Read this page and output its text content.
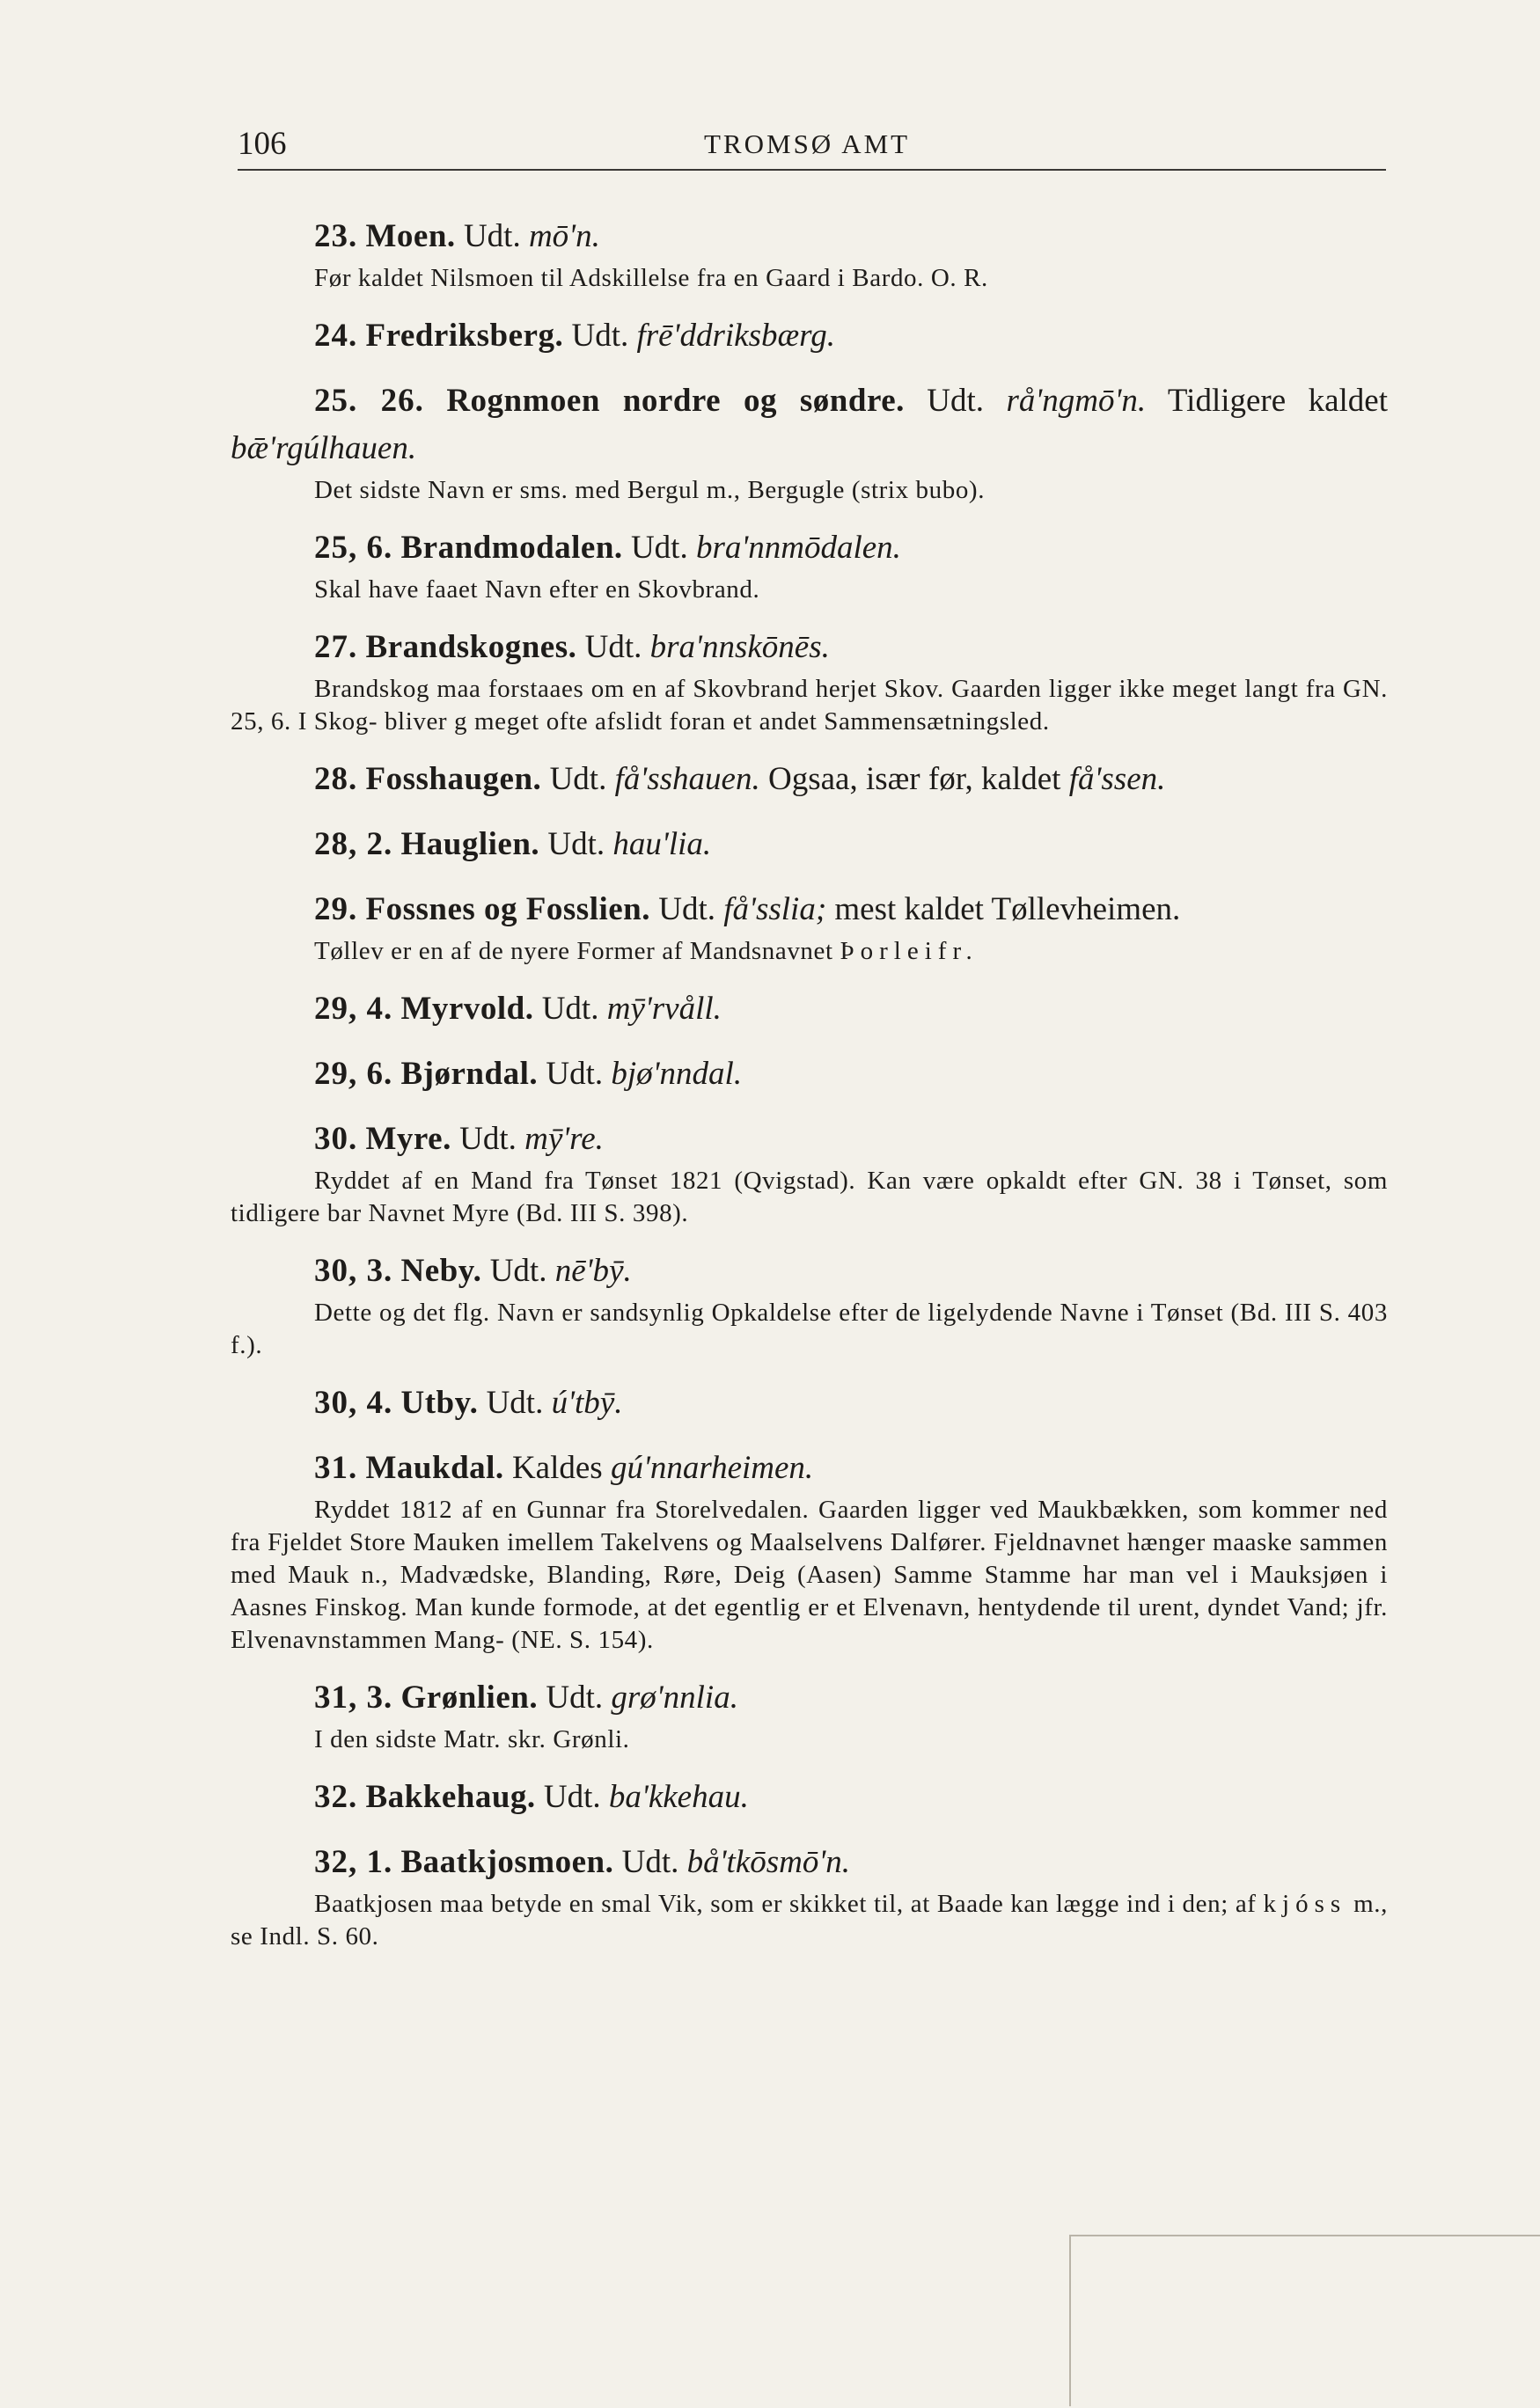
106	TROMSØ AMT
23. Moen. Udt. mō'n.
Før kaldet Nilsmoen til Adskillelse fra en Gaard i Bardo. O. R.
24. Fredriksberg. Udt. frē'ddriksbærg.
25. 26. Rognmoen nordre og søndre. Udt. rå'ngmō'n. Tidligere kaldet bǣ'rgúlhauen.
Det sidste Navn er sms. med Bergul m., Bergugle (strix bubo).
25, 6. Brandmodalen. Udt. bra'nnmōdalen.
Skal have faaet Navn efter en Skovbrand.
27. Brandskognes. Udt. bra'nnskōnēs.
Brandskog maa forstaaes om en af Skovbrand herjet Skov. Gaarden ligger ikke meget langt fra GN. 25, 6. I Skog- bliver g meget ofte afslidt foran et andet Sammensætningsled.
28. Fosshaugen. Udt. få'sshauen. Ogsaa, især før, kaldet få'ssen.
28, 2. Hauglien. Udt. hau'lia.
29. Fossnes og Fosslien. Udt. få'sslia; mest kaldet Tøllevheimen.
Tøllev er en af de nyere Former af Mandsnavnet Þorleifr.
29, 4. Myrvold. Udt. mȳ'rvåll.
29, 6. Bjørndal. Udt. bjø'nndal.
30. Myre. Udt. mȳ're.
Ryddet af en Mand fra Tønset 1821 (Qvigstad). Kan være opkaldt efter GN. 38 i Tønset, som tidligere bar Navnet Myre (Bd. III S. 398).
30, 3. Neby. Udt. nē'bȳ.
Dette og det flg. Navn er sandsynlig Opkaldelse efter de ligelydende Navne i Tønset (Bd. III S. 403 f.).
30, 4. Utby. Udt. ú'tbȳ.
31. Maukdal. Kaldes gú'nnarheimen.
Ryddet 1812 af en Gunnar fra Storelvedalen. Gaarden ligger ved Maukbækken, som kommer ned fra Fjeldet Store Mauken imellem Takelvens og Maalselvens Dalfører. Fjeldnavnet hænger maaske sammen med Mauk n., Madvædske, Blanding, Røre, Deig (Aasen) Samme Stamme har man vel i Mauksjøen i Aasnes Finskog. Man kunde formode, at det egentlig er et Elvenavn, hentydende til urent, dyndet Vand; jfr. Elvenavnstammen Mang- (NE. S. 154).
31, 3. Grønlien. Udt. grø'nnlia.
I den sidste Matr. skr. Grønli.
32. Bakkehaug. Udt. ba'kkehau.
32, 1. Baatkjosmoen. Udt. bå'tkōsmō'n.
Baatkjosen maa betyde en smal Vik, som er skikket til, at Baade kan lægge ind i den; af kjóss m., se Indl. S. 60.
